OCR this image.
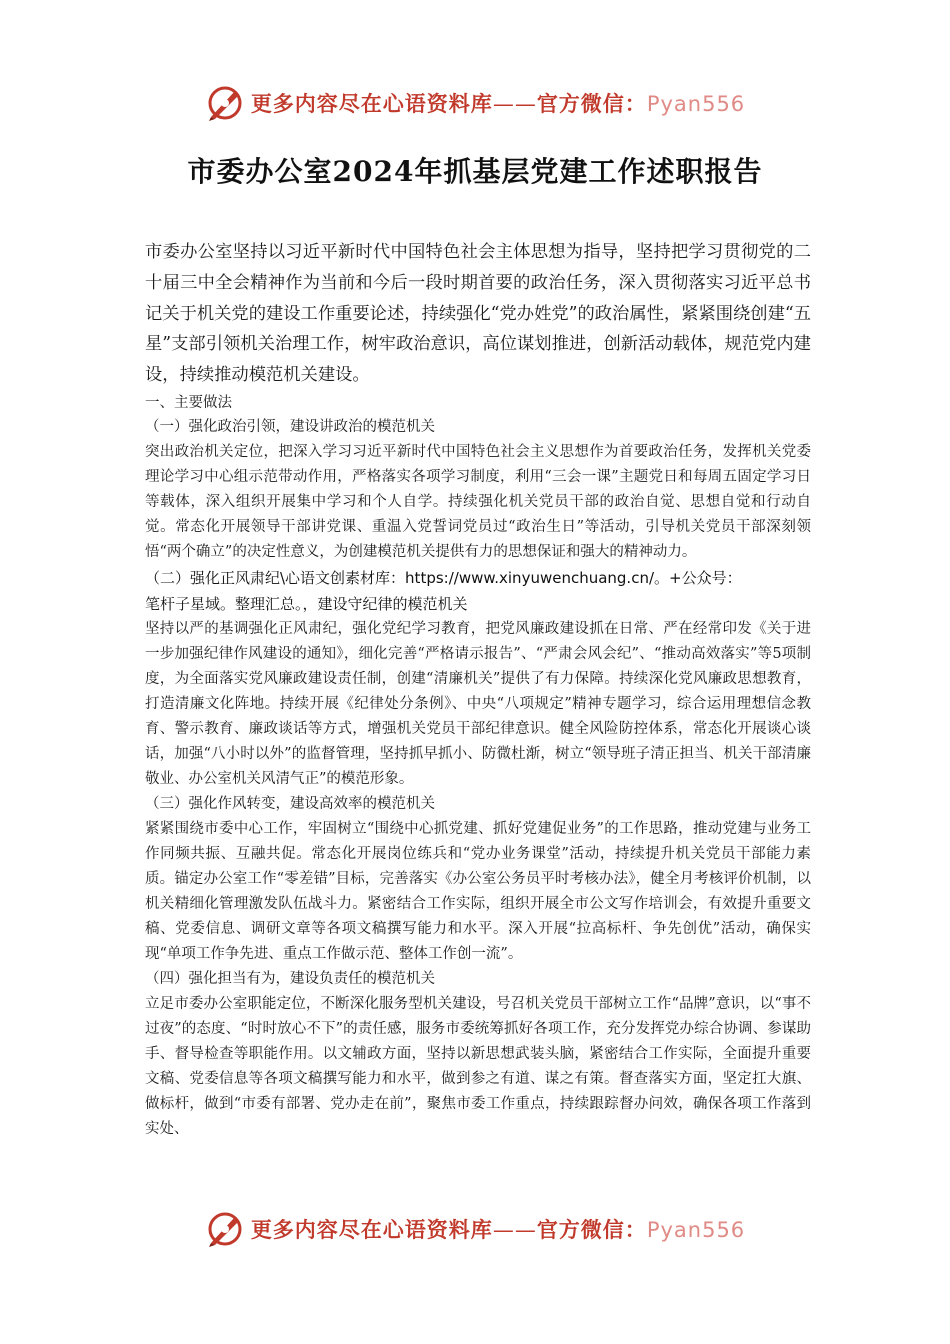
更多内容尽在心语资料库——官方微信：Pyan556
市委办公室2024年抓基层党建工作述职报告

市委办公室坚持以习近平新时代中国特色社会主体思想为指导，坚持把学习贯彻党的二十届三中全会精神作为当前和今后一段时期首要的政治任务，深入贯彻落实习近平总书记关于机关党的建设工作重要论述，持续强化“党办姓党”的政治属性，紧紧围绕创建“五星”支部引领机关治理工作，树牢政治意识，高位谋划推进，创新活动载体，规范党内建设，持续推动模范机关建设。

一、主要做法

（一）强化政治引领，建设讲政治的模范机关

突出政治机关定位，把深入学习习近平新时代中国特色社会主义思想作为首要政治任务，发挥机关党委理论学习中心组示范带动作用，严格落实各项学习制度，利用“三会一课”主题党日和每周五固定学习日等载体，深入组织开展集中学习和个人自学。持续强化机关党员干部的政治自觉、思想自觉和行动自觉。常态化开展领导干部讲党课、重温入党誓词党员过“政治生日”等活动，引导机关党员干部深刻领悟“两个确立”的决定性意义，为创建模范机关提供有力的思想保证和强大的精神动力。

（二）强化正风肃纪\心语文创素材库：https://www.xinyuwenchuang.cn/。+公众号：

笔杆子星域。整理汇总。，建设守纪律的模范机关

坚持以严的基调强化正风肃纪，强化党纪学习教育，把党风廉政建设抓在日常、严在经常印发《关于进一步加强纪律作风建设的通知》，细化完善“严格请示报告”、“严肃会风会纪”、“推动高效落实”等5项制度，为全面落实党风廉政建设责任制，创建“清廉机关”提供了有力保障。持续深化党风廉政思想教育，打造清廉文化阵地。持续开展《纪律处分条例》、中央“八项规定”精神专题学习，综合运用理想信念教育、警示教育、廉政谈话等方式，增强机关党员干部纪律意识。健全风险防控体系，常态化开展谈心谈话，加强“八小时以外”的监督管理，坚持抓早抓小、防微杜渐，树立“领导班子清正担当、机关干部清廉敬业、办公室机关风清气正”的模范形象。

（三）强化作风转变，建设高效率的模范机关

紧紧围绕市委中心工作，牢固树立“围绕中心抓党建、抓好党建促业务”的工作思路，推动党建与业务工作同频共振、互融共促。常态化开展岗位练兵和“党办业务课堂”活动，持续提升机关党员干部能力素质。锚定办公室工作“零差错”目标，完善落实《办公室公务员平时考核办法》，健全月考核评价机制，以机关精细化管理激发队伍战斗力。紧密结合工作实际，组织开展全市公文写作培训会，有效提升重要文稿、党委信息、调研文章等各项文稿撰写能力和水平。深入开展“拉高标杆、争先创优”活动，确保实现“单项工作争先进、重点工作做示范、整体工作创一流”。

（四）强化担当有为，建设负责任的模范机关

立足市委办公室职能定位，不断深化服务型机关建设，号召机关党员干部树立工作“品牌”意识，以“事不过夜”的态度、“时时放心不下”的责任感，服务市委统筹抓好各项工作，充分发挥党办综合协调、参谋助手、督导检查等职能作用。以文辅政方面，坚持以新思想武装头脑，紧密结合工作实际，全面提升重要文稿、党委信息等各项文稿撰写能力和水平，做到参之有道、谋之有策。督查落实方面，坚定扛大旗、做标杆，做到“市委有部署、党办走在前”，聚焦市委工作重点，持续跟踪督办问效，确保各项工作落到实处、

更多内容尽在心语资料库——官方微信：Pyan556
